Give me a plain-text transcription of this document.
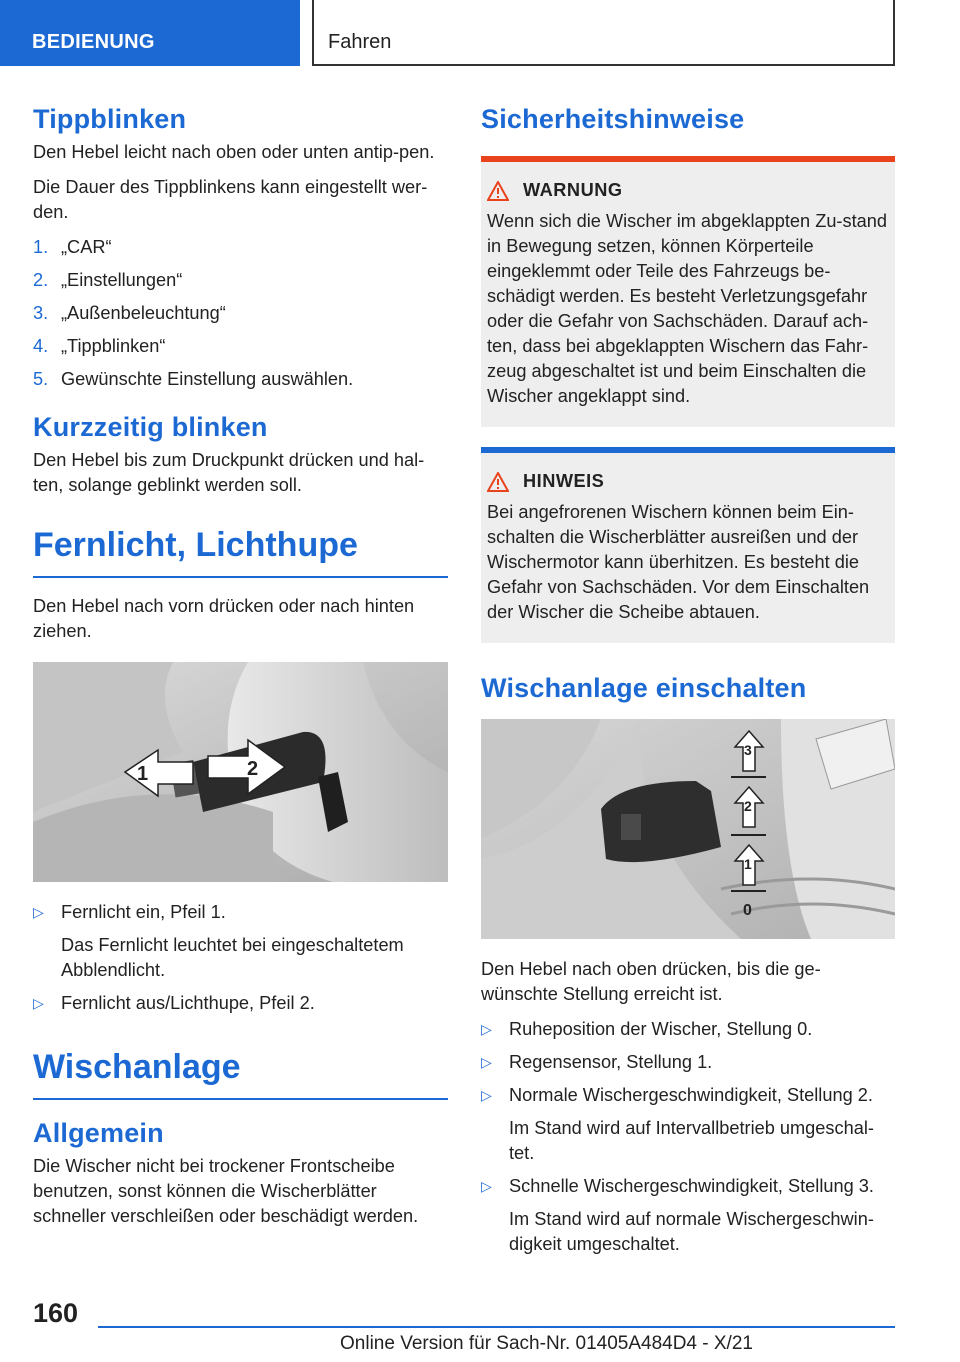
BEDIENUNG	Fahren
Tippblinken

Den Hebel leicht nach oben oder unten antip-pen.

Die Dauer des Tippblinkens kann eingestellt wer-den.

1. „CAR“
2. „Einstellungen“
3. „Außenbeleuchtung“
4. „Tippblinken“
5. Gewünschte Einstellung auswählen.
Kurzzeitig blinken

Den Hebel bis zum Druckpunkt drücken und hal-ten, solange geblinkt werden soll.

Fernlicht, Lichthupe

Den Hebel nach vorn drücken oder nach hinten ziehen.

1	2
▷ Fernlicht ein, Pfeil 1.
Das Fernlicht leuchtet bei eingeschaltetem Abblendlicht.
▷ Fernlicht aus/Lichthupe, Pfeil 2.
Wischanlage
Allgemein

Die Wischer nicht bei trockener Frontscheibe benutzen, sonst können die Wischerblätter schneller verschleißen oder beschädigt werden.

Sicherheitshinweise
WARNUNG
Wenn sich die Wischer im abgeklappten Zu-stand in Bewegung setzen, können Körperteile eingeklemmt oder Teile des Fahrzeugs be-schädigt werden. Es besteht Verletzungsgefahr oder die Gefahr von Sachschäden. Darauf ach-ten, dass bei abgeklappten Wischern das Fahr-zeug abgeschaltet ist und beim Einschalten die Wischer angeklappt sind.
HINWEIS
Bei angefrorenen Wischern können beim Ein-schalten die Wischerblätter ausreißen und der Wischermotor kann überhitzen. Es besteht die Gefahr von Sachschäden. Vor dem Einschalten der Wischer die Scheibe abtauen.
Wischanlage einschalten
3
2
1
0

Den Hebel nach oben drücken, bis die ge-wünschte Stellung erreicht ist.

▷ Ruheposition der Wischer, Stellung 0.
▷ Regensensor, Stellung 1.
▷ Normale Wischergeschwindigkeit, Stellung 2.
Im Stand wird auf Intervallbetrieb umgeschal-tet.
▷ Schnelle Wischergeschwindigkeit, Stellung 3.
Im Stand wird auf normale Wischergeschwin-digkeit umgeschaltet.
160
Online Version für Sach-Nr. 01405A484D4 - X/21
